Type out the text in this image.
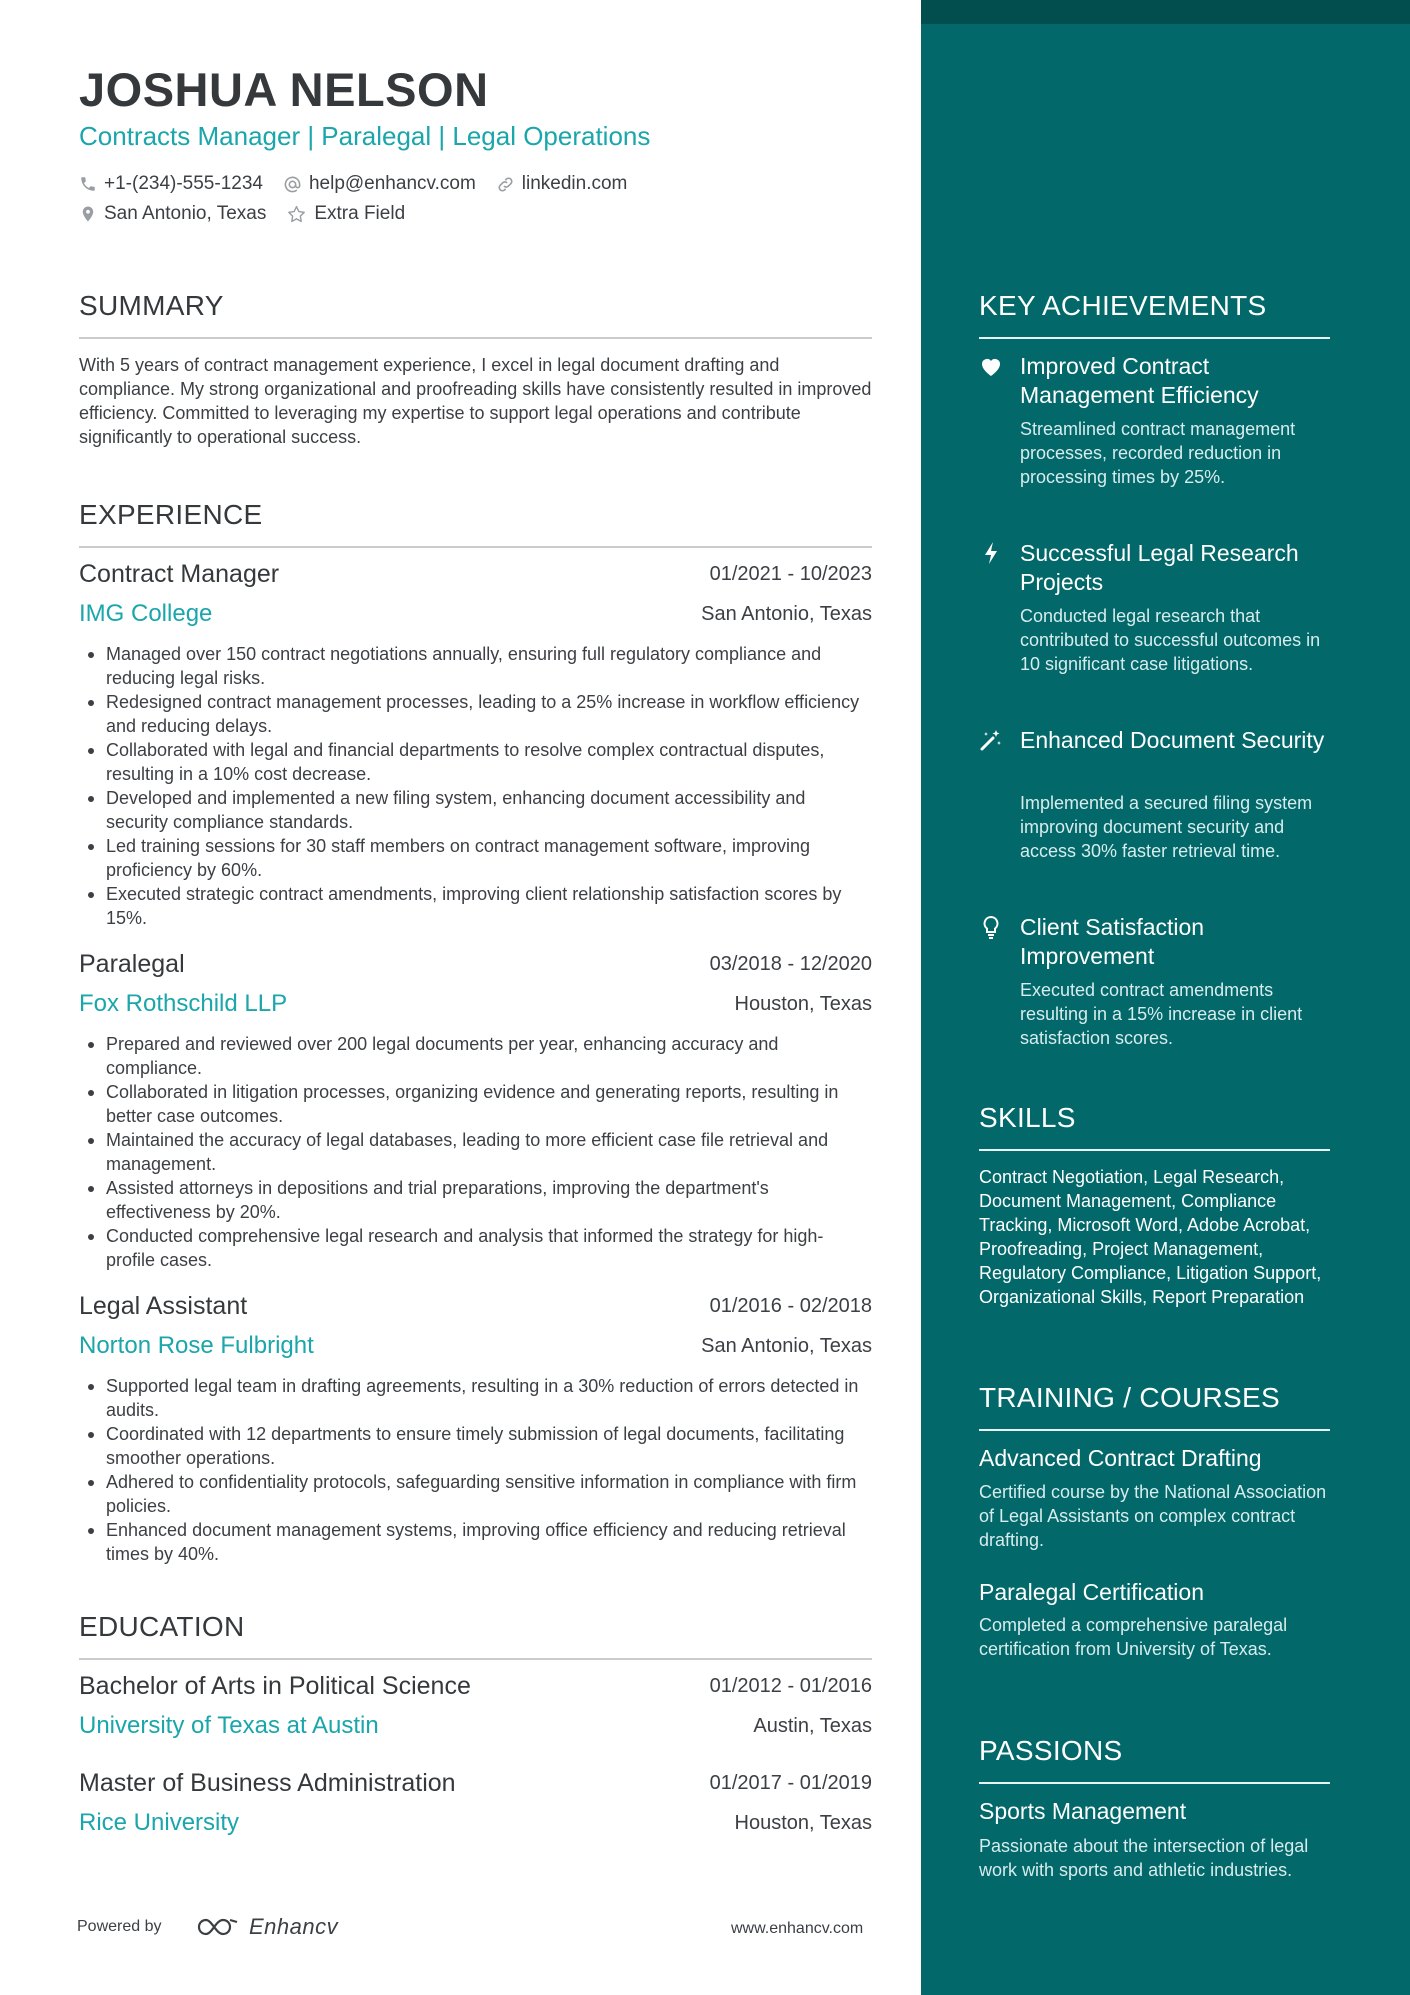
JOSHUA NELSON
Contracts Manager | Paralegal | Legal Operations
+1-(234)-555-1234 help@enhancv.com linkedin.com
San Antonio, Texas	Extra Field
SUMMARY
With 5 years of contract management experience, I excel in legal document drafting and compliance. My strong organizational and proofreading skills have consistently resulted in improved efficiency. Committed to leveraging my expertise to support legal operations and contribute significantly to operational success.
EXPERIENCE
Contract Manager	01/2021 - 10/2023
IMG College	San Antonio, Texas
Managed over 150 contract negotiations annually, ensuring full regulatory compliance and reducing legal risks.
Redesigned contract management processes, leading to a 25% increase in workflow efficiency and reducing delays.
Collaborated with legal and financial departments to resolve complex contractual disputes, resulting in a 10% cost decrease.
Developed and implemented a new filing system, enhancing document accessibility and security compliance standards.
Led training sessions for 30 staff members on contract management software, improving proficiency by 60%.
Executed strategic contract amendments, improving client relationship satisfaction scores by 15%.
Paralegal	03/2018 - 12/2020
Fox Rothschild LLP	Houston, Texas
Prepared and reviewed over 200 legal documents per year, enhancing accuracy and compliance.
Collaborated in litigation processes, organizing evidence and generating reports, resulting in better case outcomes.
Maintained the accuracy of legal databases, leading to more efficient case file retrieval and management.
Assisted attorneys in depositions and trial preparations, improving the department's effectiveness by 20%.
Conducted comprehensive legal research and analysis that informed the strategy for high-profile cases.
Legal Assistant	01/2016 - 02/2018
Norton Rose Fulbright	San Antonio, Texas
Supported legal team in drafting agreements, resulting in a 30% reduction of errors detected in audits.
Coordinated with 12 departments to ensure timely submission of legal documents, facilitating smoother operations.
Adhered to confidentiality protocols, safeguarding sensitive information in compliance with firm policies.
Enhanced document management systems, improving office efficiency and reducing retrieval times by 40%.
EDUCATION
Bachelor of Arts in Political Science	01/2012 - 01/2016
University of Texas at Austin	Austin, Texas
Master of Business Administration	01/2017 - 01/2019
Rice University	Houston, Texas
Powered by	Enhancv	www.enhancv.com
KEY ACHIEVEMENTS
Improved Contract Management Efficiency
Streamlined contract management processes, recorded reduction in processing times by 25%.
Successful Legal Research Projects
Conducted legal research that contributed to successful outcomes in 10 significant case litigations.
Enhanced Document Security
Implemented a secured filing system improving document security and access 30% faster retrieval time.
Client Satisfaction Improvement
Executed contract amendments resulting in a 15% increase in client satisfaction scores.
SKILLS
Contract Negotiation, Legal Research, Document Management, Compliance Tracking, Microsoft Word, Adobe Acrobat, Proofreading, Project Management, Regulatory Compliance, Litigation Support, Organizational Skills, Report Preparation
TRAINING / COURSES
Advanced Contract Drafting
Certified course by the National Association of Legal Assistants on complex contract drafting.
Paralegal Certification
Completed a comprehensive paralegal certification from University of Texas.
PASSIONS
Sports Management
Passionate about the intersection of legal work with sports and athletic industries.
